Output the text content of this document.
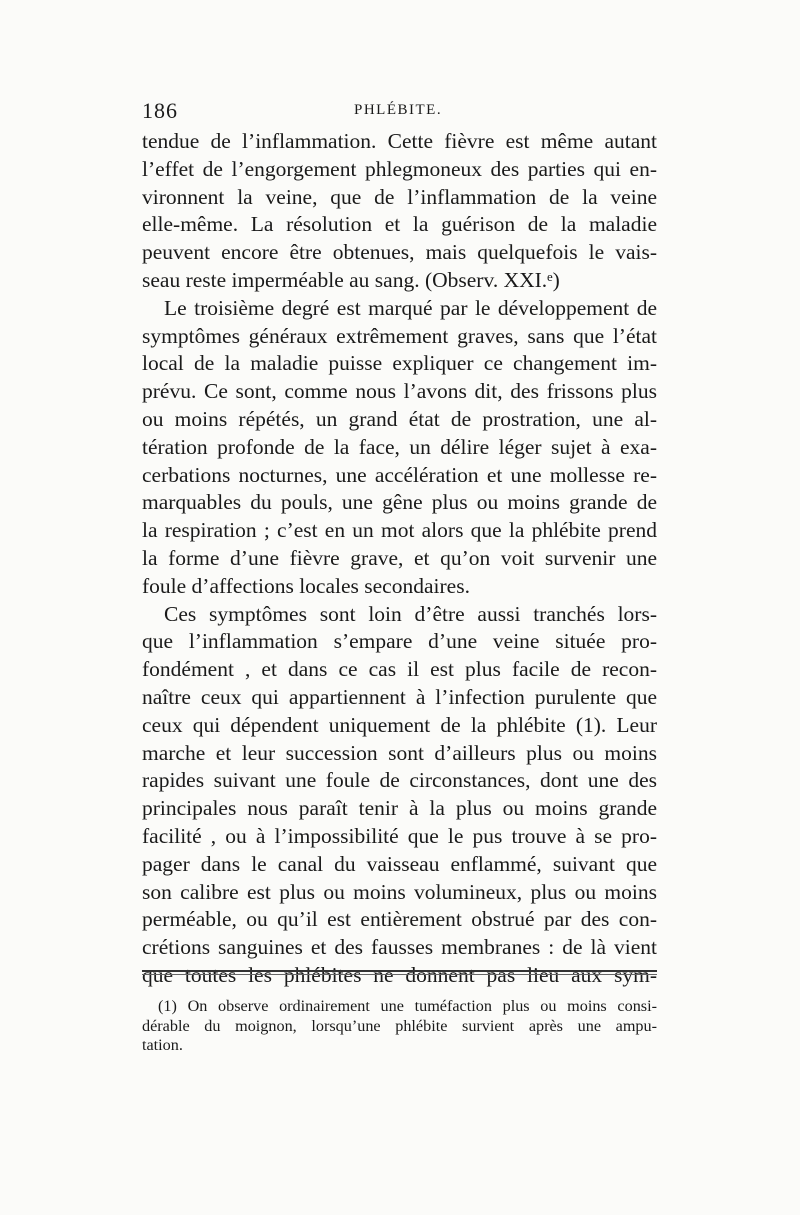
186	PHLÉBITE.
tendue de l’inflammation. Cette fièvre est même autant
l’effet de l’engorgement phlegmoneux des parties qui en-
vironnent la veine, que de l’inflammation de la veine
elle-même. La résolution et la guérison de la maladie
peuvent encore être obtenues, mais quelquefois le vais-
seau reste imperméable au sang. (Observ. XXI.ᵉ)
Le troisième degré est marqué par le développement de
symptômes généraux extrêmement graves, sans que l’état
local de la maladie puisse expliquer ce changement im-
prévu. Ce sont, comme nous l’avons dit, des frissons plus
ou moins répétés, un grand état de prostration, une al-
tération profonde de la face, un délire léger sujet à exa-
cerbations nocturnes, une accélération et une mollesse re-
marquables du pouls, une gêne plus ou moins grande de
la respiration ; c’est en un mot alors que la phlébite prend
la forme d’une fièvre grave, et qu’on voit survenir une
foule d’affections locales secondaires.
Ces symptômes sont loin d’être aussi tranchés lors-
que l’inflammation s’empare d’une veine située pro-
fondément , et dans ce cas il est plus facile de recon-
naître ceux qui appartiennent à l’infection purulente que
ceux qui dépendent uniquement de la phlébite (1). Leur
marche et leur succession sont d’ailleurs plus ou moins
rapides suivant une foule de circonstances, dont une des
principales nous paraît tenir à la plus ou moins grande
facilité , ou à l’impossibilité que le pus trouve à se pro-
pager dans le canal du vaisseau enflammé, suivant que
son calibre est plus ou moins volumineux, plus ou moins
perméable, ou qu’il est entièrement obstrué par des con-
crétions sanguines et des fausses membranes : de là vient
(1) On observe ordinairement une tuméfaction plus ou moins consi-
dérable du moignon, lorsqu’une phlébite survient après une ampu-
tation.
